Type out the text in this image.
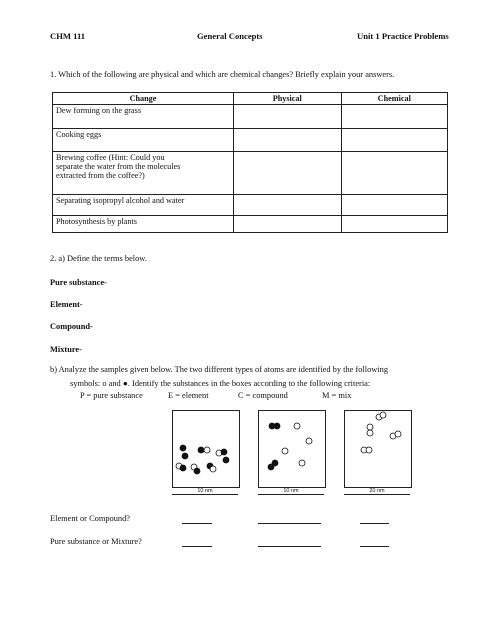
CHM 111	General Concepts	Unit 1 Practice Problems
1. Which of the following are physical and which are chemical changes? Briefly explain your answers.
Change	Physical	Chemical
Dew forming on the grass		
Cooking eggs		

Brewing coffee (Hint: Could you
separate the water from the molecules
extracted from the coffee?)		

Separating isopropyl alcohol and water		
Photosynthesis by plants		
2. a) Define the terms below.
Pure substance-
Element-
Compound-
Mixture-
b) Analyze the samples given below. The two different types of atoms are identified by the following
symbols: o and ●. Identify the substances in the boxes according to the following criteria:
P = pure substance	E = element	C = compound	M = mix
10 nm	10 nm	20 nm
Element or Compound?
Pure substance or Mixture?
